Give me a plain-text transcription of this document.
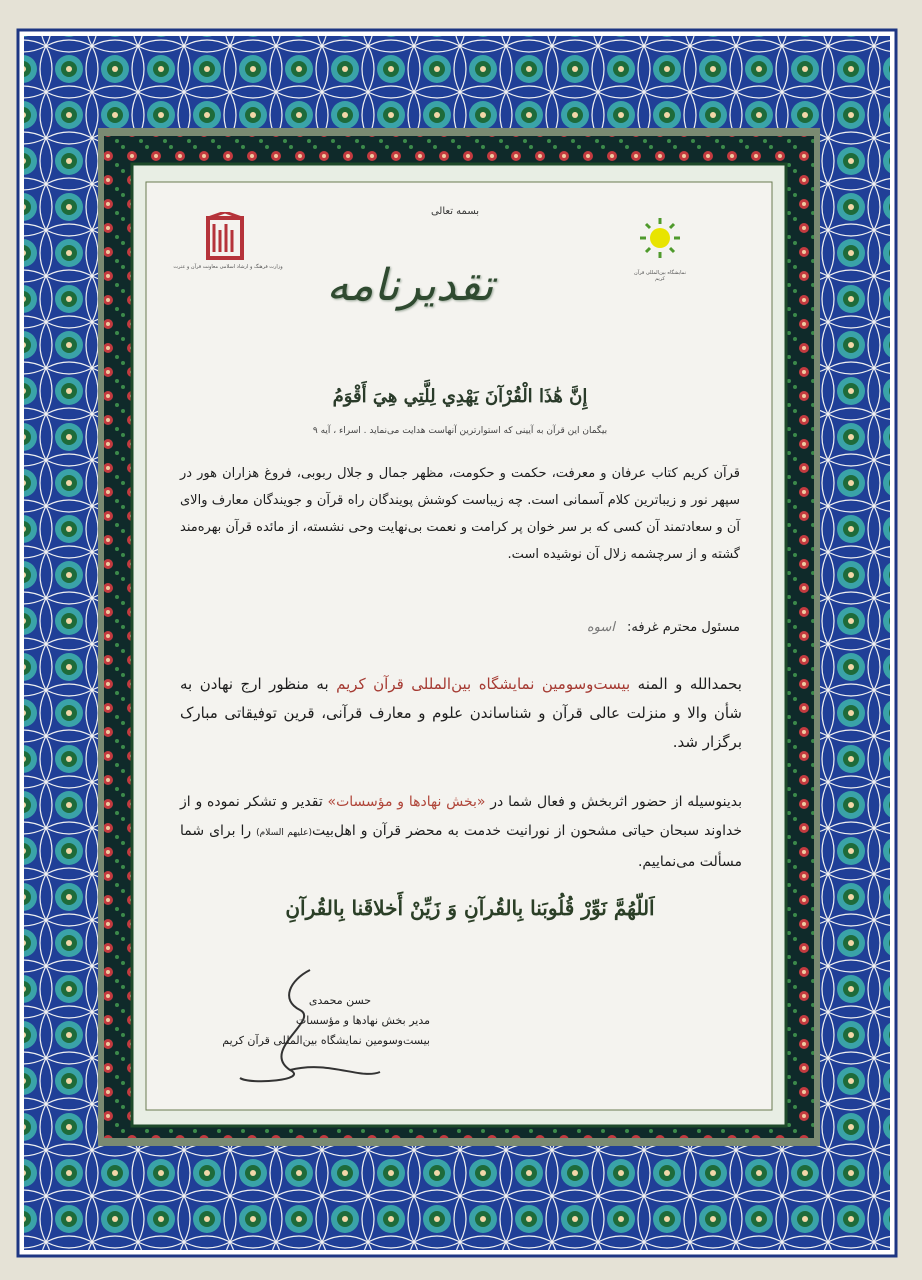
بسمه تعالی
نمایشگاه بین‌المللی قرآن کریم
وزارت فرهنگ و ارشاد اسلامی معاونت قرآن و عترت تقدیرنامه
إِنَّ هَٰذَا الْقُرْآنَ يَهْدِي لِلَّتِي هِيَ أَقْوَمُ
بیگمان این قرآن به آیینی که استوارترین آنهاست هدایت می‌نماید . اسراء ، آیه ۹
قرآن کریم کتاب عرفان و معرفت، حکمت و حکومت، مظهر جمال و جلال ربوبی، فروغ هزاران هور در سپهر نور و زیباترین کلام آسمانی است. چه زیباست کوشش پویندگان راه قرآن و جویندگان معارف والای آن و سعادتمند آن کسی که بر سر خوان پر کرامت و نعمت بی‌نهایت وحی نشسته، از مائده قرآن بهره‌مند گشته و از سرچشمه زلال آن نوشیده است.
مسئول محترم غرفه: اسوه
بحمدالله و المنه بیست‌وسومین نمایشگاه بین‌المللی قرآن کریم به منظور ارج نهادن به شأن والا و منزلت عالی قرآن و شناساندن علوم و معارف قرآنی، قرین توفیقاتی مبارک برگزار شد.
بدینوسیله از حضور اثربخش و فعال شما در «بخش نهادها و مؤسسات» تقدیر و تشکر نموده و از خداوند سبحان حیاتی مشحون از نورانیت خدمت به محضر قرآن و اهل‌بیت(علیهم السلام) را برای شما مسألت می‌نماییم.
اَللّهُمَّ نَوِّرْ قُلُوبَنا بِالقُرآنِ وَ زَیِّنْ أَخلاقَنا بِالقُرآنِ
حسن محمدی
مدیر بخش نهادها و مؤسسات
بیست‌وسومین نمایشگاه بین‌المللی قرآن کریم
